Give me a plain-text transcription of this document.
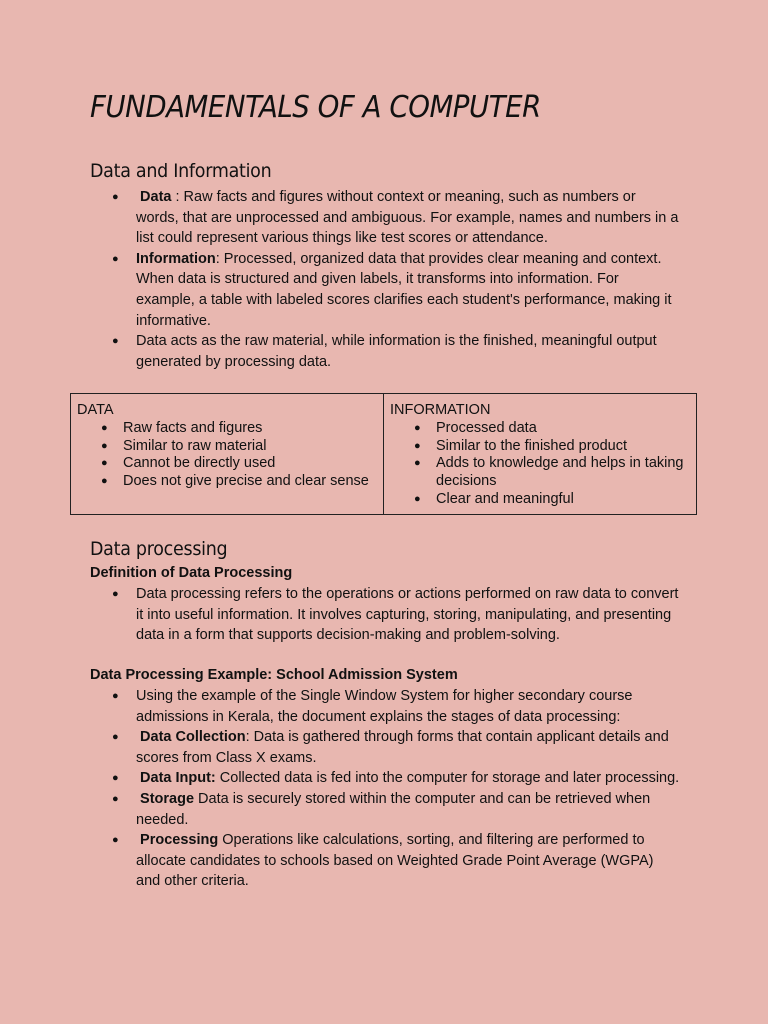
FUNDAMENTALS OF A COMPUTER
Data and Information
● Data : Raw facts and figures without context or meaning, such as numbers or words, that are unprocessed and ambiguous. For example, names and numbers in a list could represent various things like test scores or attendance.
● Information: Processed, organized data that provides clear meaning and context. When data is structured and given labels, it transforms into information. For example, a table with labeled scores clarifies each student's performance, making it informative.
● Data acts as the raw material, while information is the finished, meaningful output generated by processing data.
DATA
● Raw facts and figures
● Similar to raw material
● Cannot be directly used
● Does not give precise and clear sense
INFORMATION
● Processed data
● Similar to the finished product
● Adds to knowledge and helps in taking decisions
● Clear and meaningful
Data processing
Definition of Data Processing
● Data processing refers to the operations or actions performed on raw data to convert it into useful information. It involves capturing, storing, manipulating, and presenting data in a form that supports decision-making and problem-solving.
Data Processing Example: School Admission System
● Using the example of the Single Window System for higher secondary course admissions in Kerala, the document explains the stages of data processing:
● Data Collection: Data is gathered through forms that contain applicant details and scores from Class X exams.
● Data Input: Collected data is fed into the computer for storage and later processing.
● Storage Data is securely stored within the computer and can be retrieved when needed.
● Processing Operations like calculations, sorting, and filtering are performed to allocate candidates to schools based on Weighted Grade Point Average (WGPA) and other criteria.
